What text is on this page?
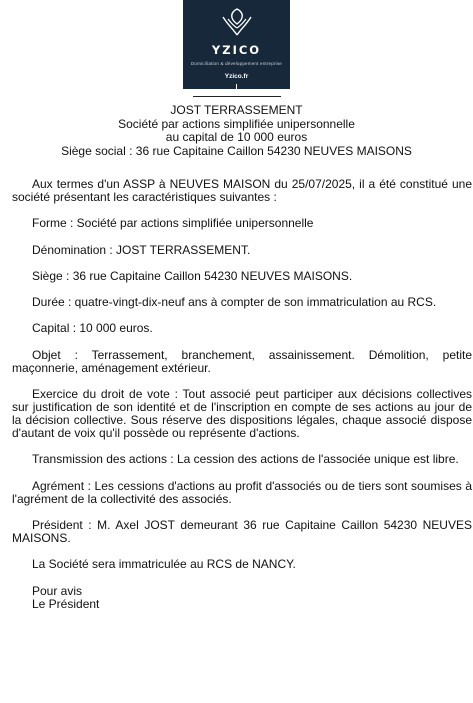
YZICO
Domiciliation & développement entreprise
Yzico.fr
JOST TERRASSEMENT
Société par actions simplifiée unipersonnelle
au capital de 10 000 euros
Siège social : 36 rue Capitaine Caillon 54230 NEUVES MAISONS

Aux termes d'un ASSP à NEUVES MAISON du 25/07/2025, il a été constitué une société présentant les caractéristiques suivantes :

Forme : Société par actions simplifiée unipersonnelle

Dénomination : JOST TERRASSEMENT.

Siège : 36 rue Capitaine Caillon 54230 NEUVES MAISONS.

Durée : quatre-vingt-dix-neuf ans à compter de son immatriculation au RCS.

Capital : 10 000 euros.

Objet : Terrassement, branchement, assainissement. Démolition, petite maçonnerie, aménagement extérieur.

Exercice du droit de vote : Tout associé peut participer aux décisions collectives sur justification de son identité et de l'inscription en compte de ses actions au jour de la décision collective. Sous réserve des dispositions légales, chaque associé dispose d'autant de voix qu'il possède ou représente d'actions.

Transmission des actions : La cession des actions de l'associée unique est libre.

Agrément : Les cessions d'actions au profit d'associés ou de tiers sont soumises à l'agrément de la collectivité des associés.

Président : M. Axel JOST demeurant 36 rue Capitaine Caillon 54230 NEUVES MAISONS.

La Société sera immatriculée au RCS de NANCY.

Pour avis

Le Président
